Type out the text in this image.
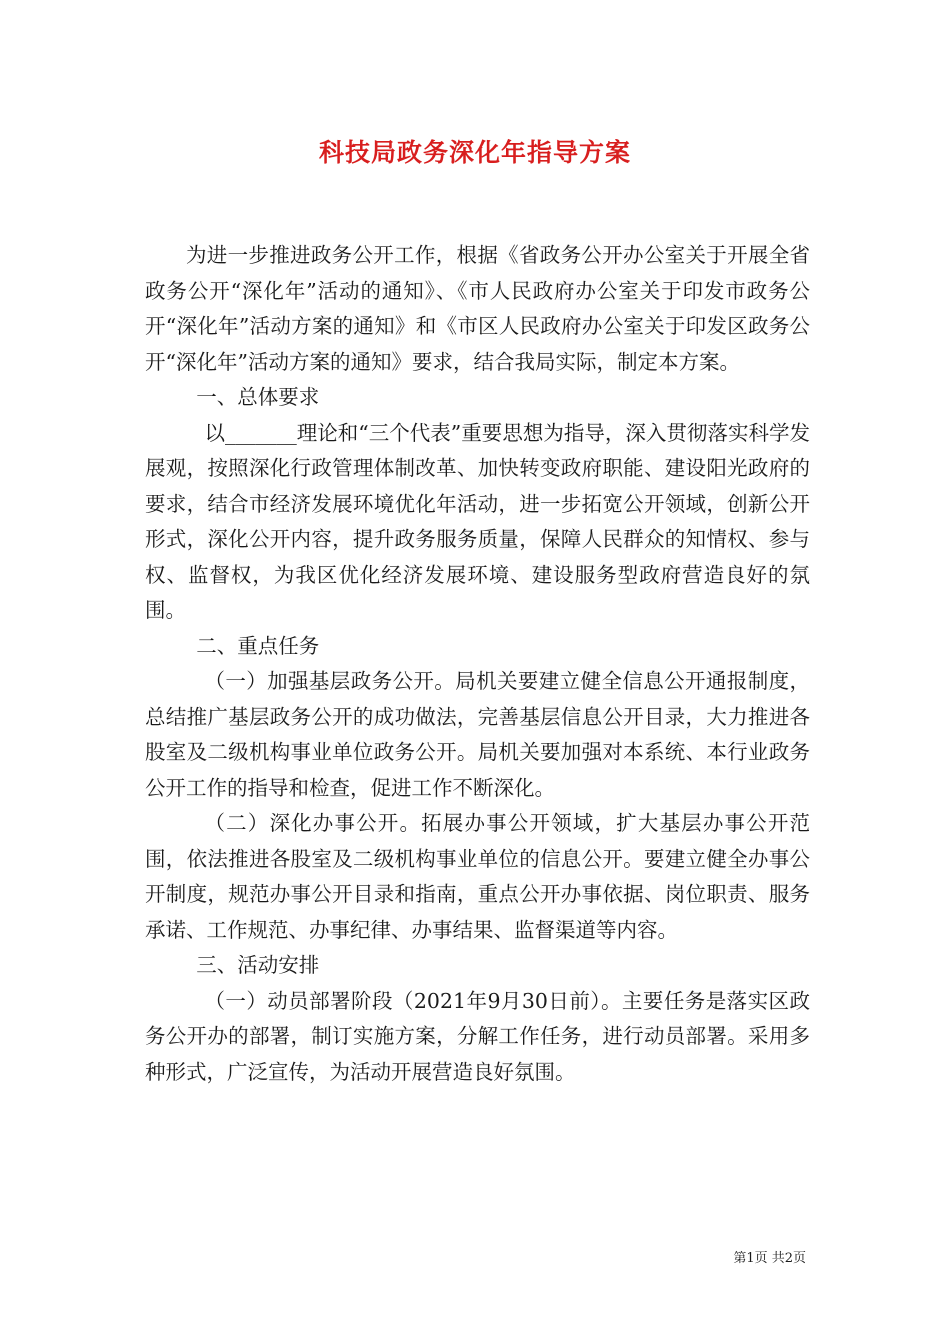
科技局政务深化年指导方案

为进一步推进政务公开工作，根据《省政务公开办公室关于开展全省政务公开“深化年”活动的通知》、《市人民政府办公室关于印发市政务公开“深化年”活动方案的通知》和《市区人民政府办公室关于印发区政务公开“深化年”活动方案的通知》要求，结合我局实际，制定本方案。

一、总体要求

以_______理论和“三个代表”重要思想为指导，深入贯彻落实科学发展观，按照深化行政管理体制改革、加快转变政府职能、建设阳光政府的要求，结合市经济发展环境优化年活动，进一步拓宽公开领域，创新公开形式，深化公开内容，提升政务服务质量，保障人民群众的知情权、参与权、监督权，为我区优化经济发展环境、建设服务型政府营造良好的氛围。

二、重点任务

（一）加强基层政务公开。局机关要建立健全信息公开通报制度，总结推广基层政务公开的成功做法，完善基层信息公开目录，大力推进各股室及二级机构事业单位政务公开。局机关要加强对本系统、本行业政务公开工作的指导和检查，促进工作不断深化。

（二）深化办事公开。拓展办事公开领域，扩大基层办事公开范围，依法推进各股室及二级机构事业单位的信息公开。要建立健全办事公开制度，规范办事公开目录和指南，重点公开办事依据、岗位职责、服务承诺、工作规范、办事纪律、办事结果、监督渠道等内容。

三、活动安排

（一）动员部署阶段（2021年9月30日前）。主要任务是落实区政务公开办的部署，制订实施方案，分解工作任务，进行动员部署。采用多种形式，广泛宣传，为活动开展营造良好氛围。

第1页 共2页
